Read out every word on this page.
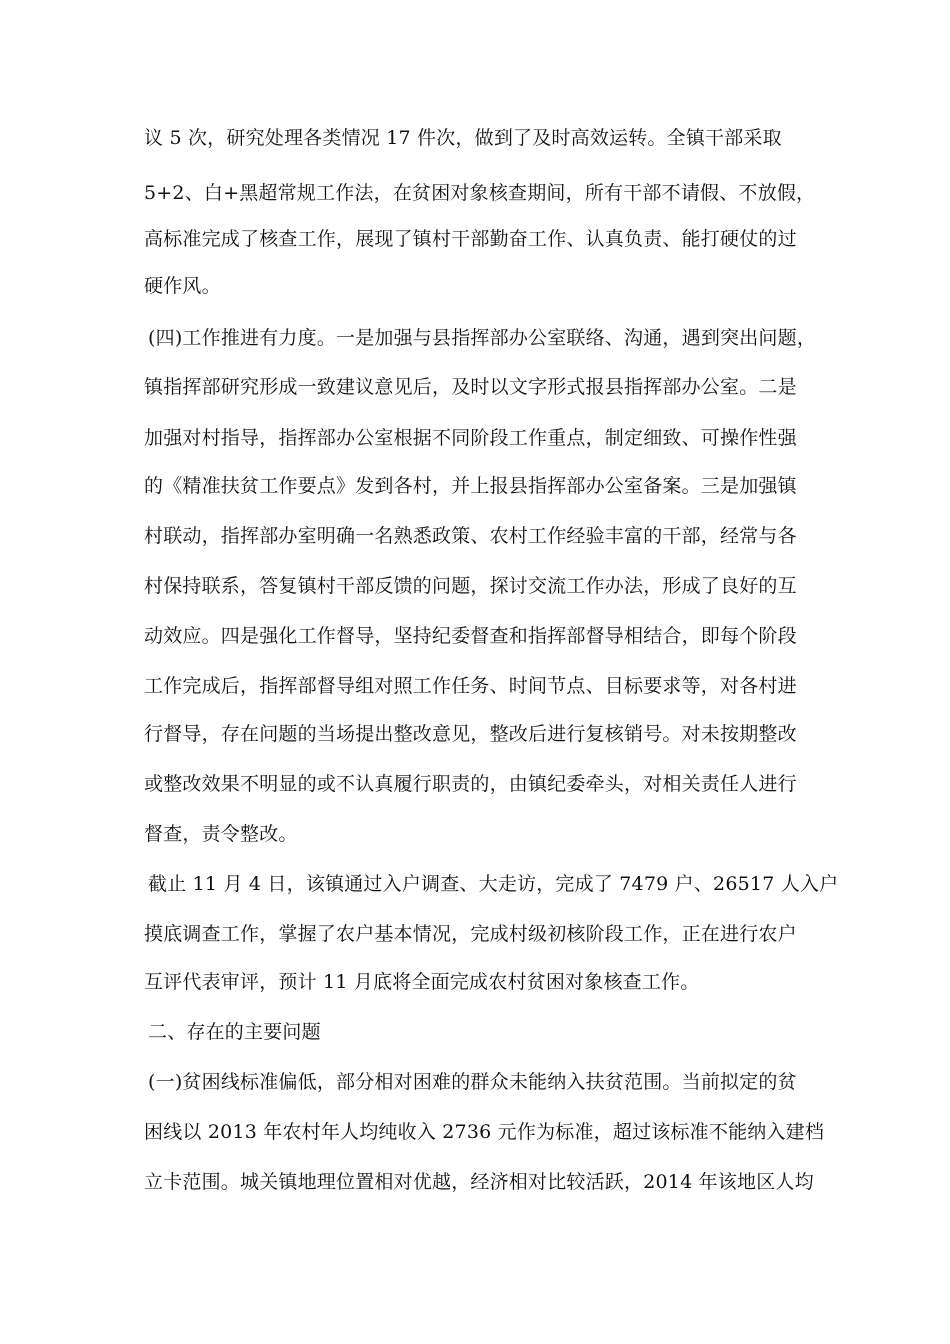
议 5 次，研究处理各类情况 17 件次，做到了及时高效运转。全镇干部采取
5+2、白+黑超常规工作法，在贫困对象核查期间，所有干部不请假、不放假，
高标准完成了核查工作，展现了镇村干部勤奋工作、认真负责、能打硬仗的过
硬作风。
(四)工作推进有力度。一是加强与县指挥部办公室联络、沟通，遇到突出问题，
镇指挥部研究形成一致建议意见后，及时以文字形式报县指挥部办公室。二是
加强对村指导，指挥部办公室根据不同阶段工作重点，制定细致、可操作性强
的《精准扶贫工作要点》发到各村，并上报县指挥部办公室备案。三是加强镇
村联动，指挥部办室明确一名熟悉政策、农村工作经验丰富的干部，经常与各
村保持联系，答复镇村干部反馈的问题，探讨交流工作办法，形成了良好的互
动效应。四是强化工作督导，坚持纪委督查和指挥部督导相结合，即每个阶段
工作完成后，指挥部督导组对照工作任务、时间节点、目标要求等，对各村进
行督导，存在问题的当场提出整改意见，整改后进行复核销号。对未按期整改
或整改效果不明显的或不认真履行职责的，由镇纪委牵头，对相关责任人进行
督查，责令整改。
截止 11 月 4 日，该镇通过入户调查、大走访，完成了 7479 户、26517 人入户
摸底调查工作，掌握了农户基本情况，完成村级初核阶段工作，正在进行农户
互评代表审评，预计 11 月底将全面完成农村贫困对象核查工作。
二、存在的主要问题
(一)贫困线标准偏低，部分相对困难的群众未能纳入扶贫范围。当前拟定的贫
困线以 2013 年农村年人均纯收入 2736 元作为标准，超过该标准不能纳入建档
立卡范围。城关镇地理位置相对优越，经济相对比较活跃，2014 年该地区人均
